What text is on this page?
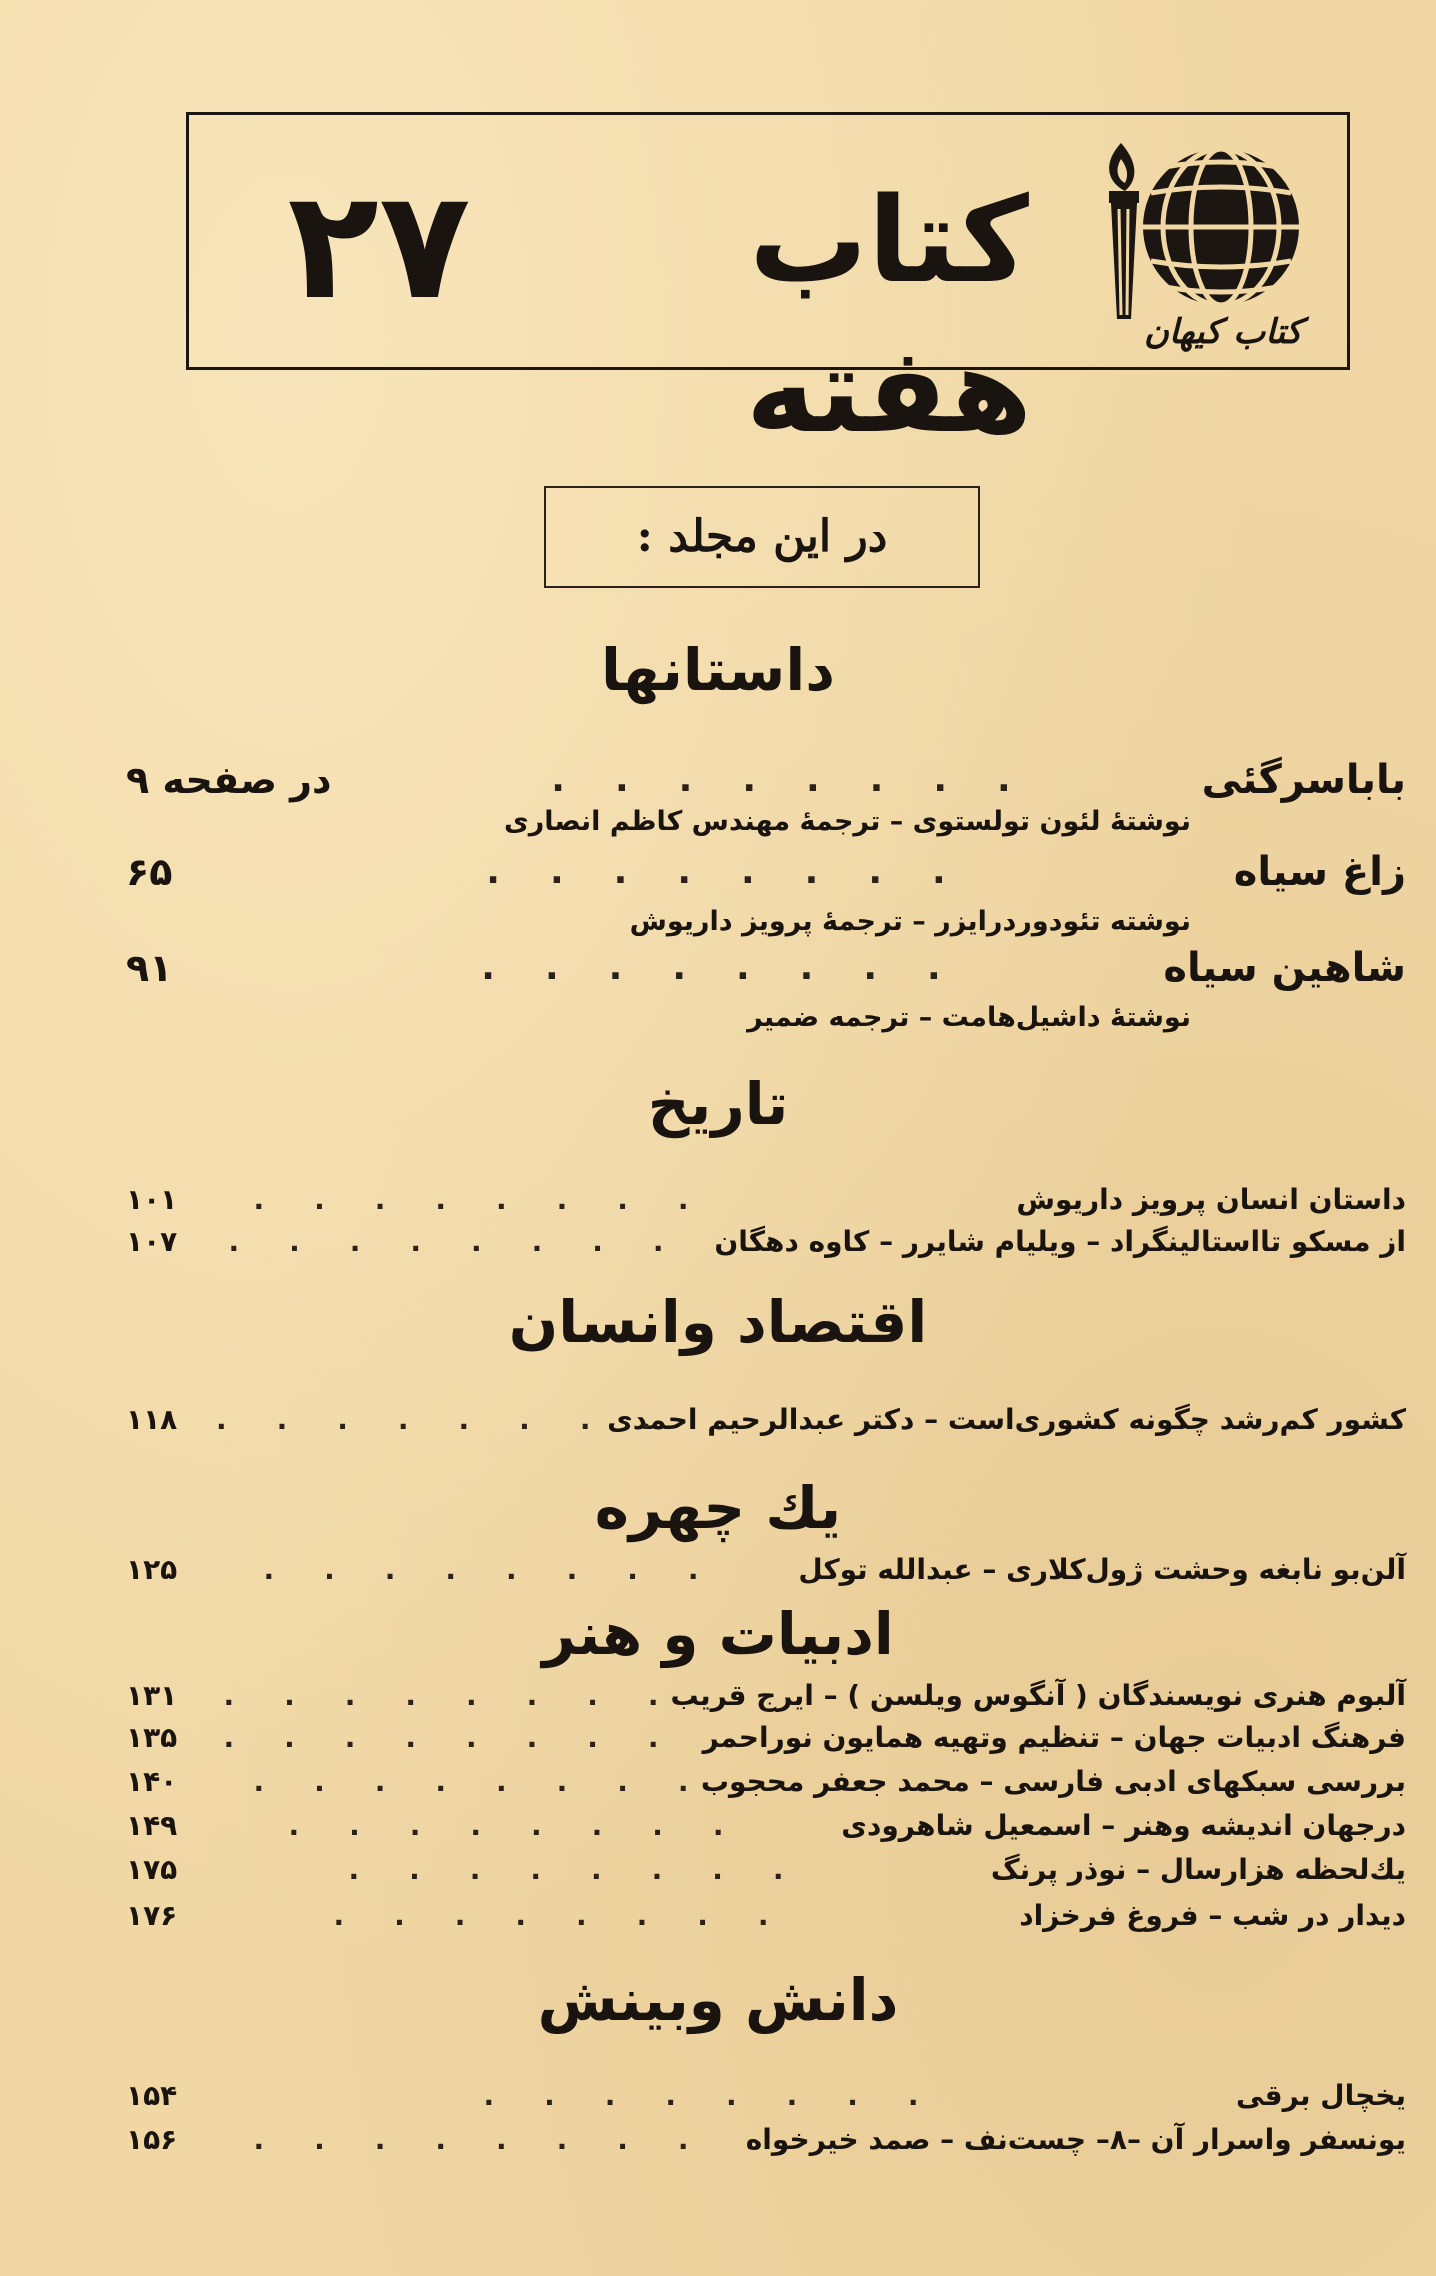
۲۷	کتاب هفته	کتاب کیهان
در این مجلد :
داستانها
باباسرگئی
........
در صفحه ۹
نوشتهٔ لئون تولستوی – ترجمهٔ مهندس کاظم انصاری
زاغ سیاه
........
۶۵
نوشته تئودوردرایزر – ترجمهٔ پرویز داریوش
شاهین سیاه
........
۹۱
نوشتهٔ داشیل‌هامت – ترجمه ضمیر
تاریخ
داستان انسان پرویز داریوش
........
۱۰۱
از مسکو تااستالینگراد – ویلیام شایرر – کاوه دهگان
........
۱۰۷
اقتصاد وانسان
کشور کم‌رشد چگونه کشوری‌است – دکتر عبدالرحیم احمدی
........
۱۱۸
یك چهره
آلن‌بو نابغه وحشت ژول‌کلاری – عبدالله توکل
........
۱۲۵
ادبیات و هنر
آلبوم هنری نویسندگان ( آنگوس ویلسن ) – ایرج قریب
........
۱۳۱
فرهنگ ادبیات جهان – تنظیم وتهیه همایون نوراحمر
........
۱۳۵
بررسی سبکهای ادبی فارسی – محمد جعفر محجوب
........
۱۴۰
درجهان اندیشه وهنر – اسمعیل شاهرودی
........
۱۴۹
یك‌لحظه هزارسال – نوذر پرنگ
........
۱۷۵
دیدار در شب – فروغ فرخزاد
........
۱۷۶
دانش وبینش
یخچال برقی
........
۱۵۴
یونسفر واسرار آن –۸– چست‌نف – صمد خیرخواه
........
۱۵۶
